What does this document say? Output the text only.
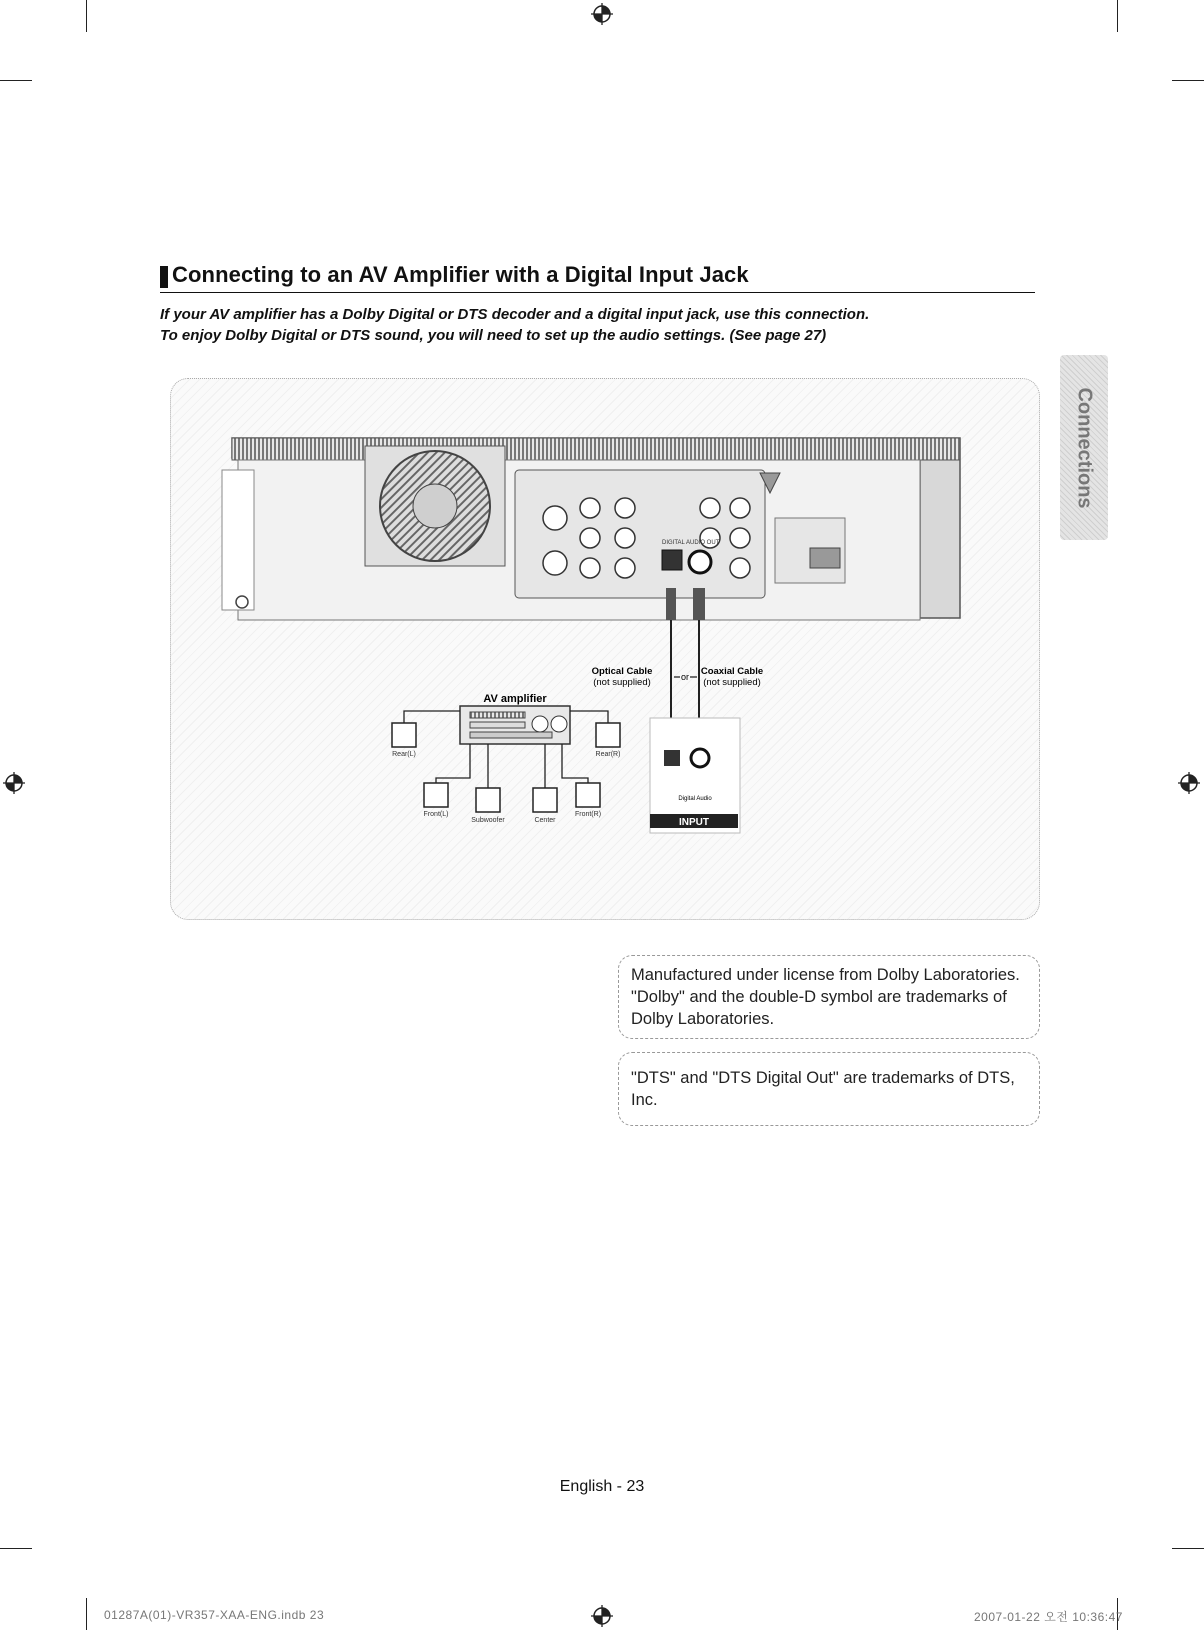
Connecting to an AV Amplifier with a Digital Input Jack
If your AV amplifier has a Dolby Digital or DTS decoder and a digital input jack, use this connection.
To enjoy Dolby Digital or DTS sound, you will need to set up the audio settings. (See page 27)
Connections
DIGITAL AUDIO OUT
Optical Cable
(not supplied)	or Coaxial Cable
(not supplied)
Digital Audio
INPUT
AV amplifier
Rear(L)	Rear(R)
Front(L)	Front(R)
Subwoofer	Center
Manufactured under license from Dolby Laboratories.
"Dolby" and the double-D symbol are trademarks of
Dolby Laboratories.
"DTS" and "DTS Digital Out" are trademarks of DTS, Inc.
English - 23
01287A(01)-VR357-XAA-ENG.indb 23	2007-01-22 오전 10:36:47
